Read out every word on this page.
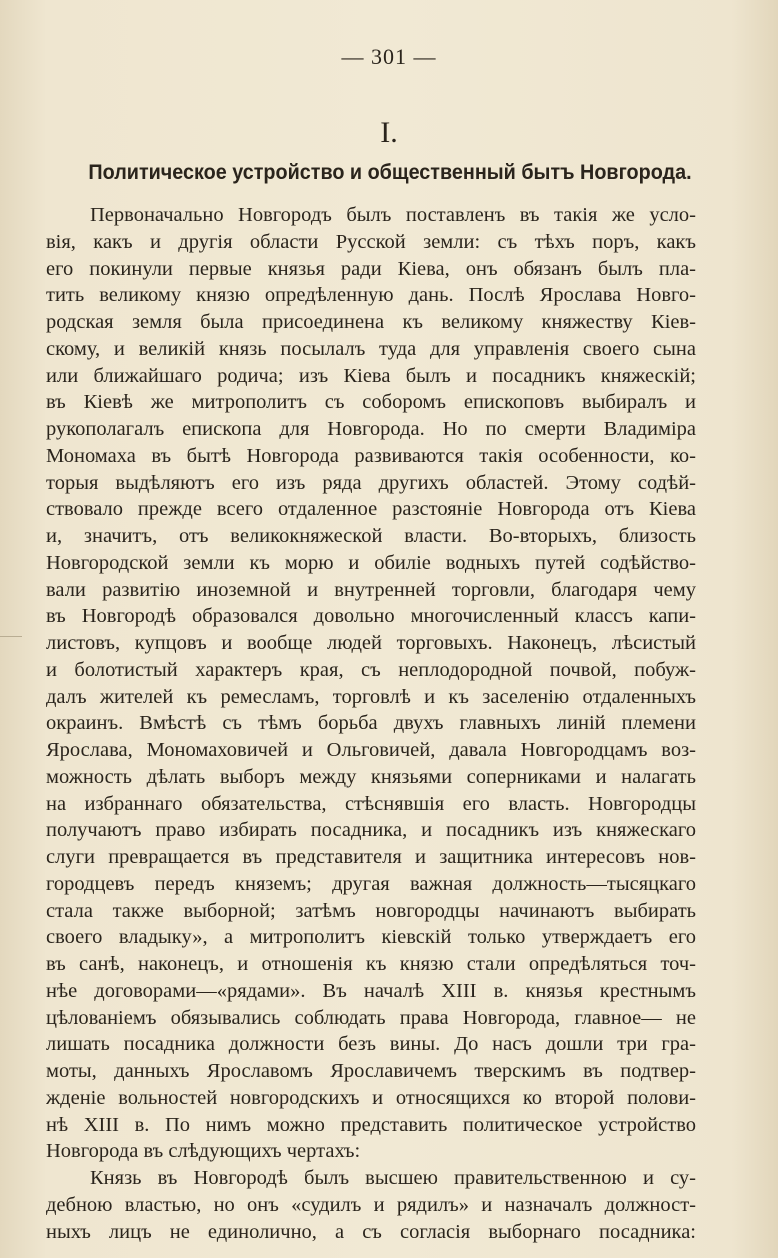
— 301 —
I.
Политическое устройство и общественный бытъ Новгорода.
Первоначально Новгородъ былъ поставленъ въ такія же усло-
вія, какъ и другія области Русской земли: съ тѣхъ поръ, какъ
его покинули первые князья ради Кіева, онъ обязанъ былъ пла-
тить великому князю опредѣленную дань. Послѣ Ярослава Новго-
родская земля была присоединена къ великому княжеству Кіев-
скому, и великій князь посылалъ туда для управленія своего сына
или ближайшаго родича; изъ Кіева былъ и посадникъ княжескій;
въ Кіевѣ же митрополитъ съ соборомъ епископовъ выбиралъ и
рукополагалъ епископа для Новгорода. Но по смерти Владиміра
Мономаха въ бытѣ Новгорода развиваются такія особенности, ко-
торыя выдѣляютъ его изъ ряда другихъ областей. Этому содѣй-
ствовало прежде всего отдаленное разстояніе Новгорода отъ Кіева
и, значитъ, отъ великокняжеской власти. Во-вторыхъ, близость
Новгородской земли къ морю и обиліе водныхъ путей содѣйство-
вали развитію иноземной и внутренней торговли, благодаря чему
въ Новгородѣ образовался довольно многочисленный классъ капи-
листовъ, купцовъ и вообще людей торговыхъ. Наконецъ, лѣсистый
и болотистый характеръ края, съ неплодородной почвой, побуж-
далъ жителей къ ремесламъ, торговлѣ и къ заселенію отдаленныхъ
окраинъ. Вмѣстѣ съ тѣмъ борьба двухъ главныхъ линій племени
Ярослава, Мономаховичей и Ольговичей, давала Новгородцамъ воз-
можность дѣлать выборъ между князьями соперниками и налагать
на избраннаго обязательства, стѣснявшія его власть. Новгородцы
получаютъ право избирать посадника, и посадникъ изъ княжескаго
слуги превращается въ представителя и защитника интересовъ нов-
городцевъ передъ княземъ; другая важная должность—тысяцкаго
стала также выборной; затѣмъ новгородцы начинаютъ выбирать
своего владыку», а митрополитъ кіевскій только утверждаетъ его
въ санѣ, наконецъ, и отношенія къ князю стали опредѣляться точ-
нѣе договорами—«рядами». Въ началѣ XIII в. князья крестнымъ
цѣлованіемъ обязывались соблюдать права Новгорода, главное— не
лишать посадника должности безъ вины. До насъ дошли три гра-
моты, данныхъ Ярославомъ Ярославичемъ тверскимъ въ подтвер-
жденіе вольностей новгородскихъ и относящихся ко второй полови-
нѣ XIII в. По нимъ можно представить политическое устройство
Новгорода въ слѣдующихъ чертахъ:
Князь въ Новгородѣ былъ высшею правительственною и су-
дебною властью, но онъ «судилъ и рядилъ» и назначалъ должност-
ныхъ лицъ не единолично, а съ согласія выборнаго посадника:
